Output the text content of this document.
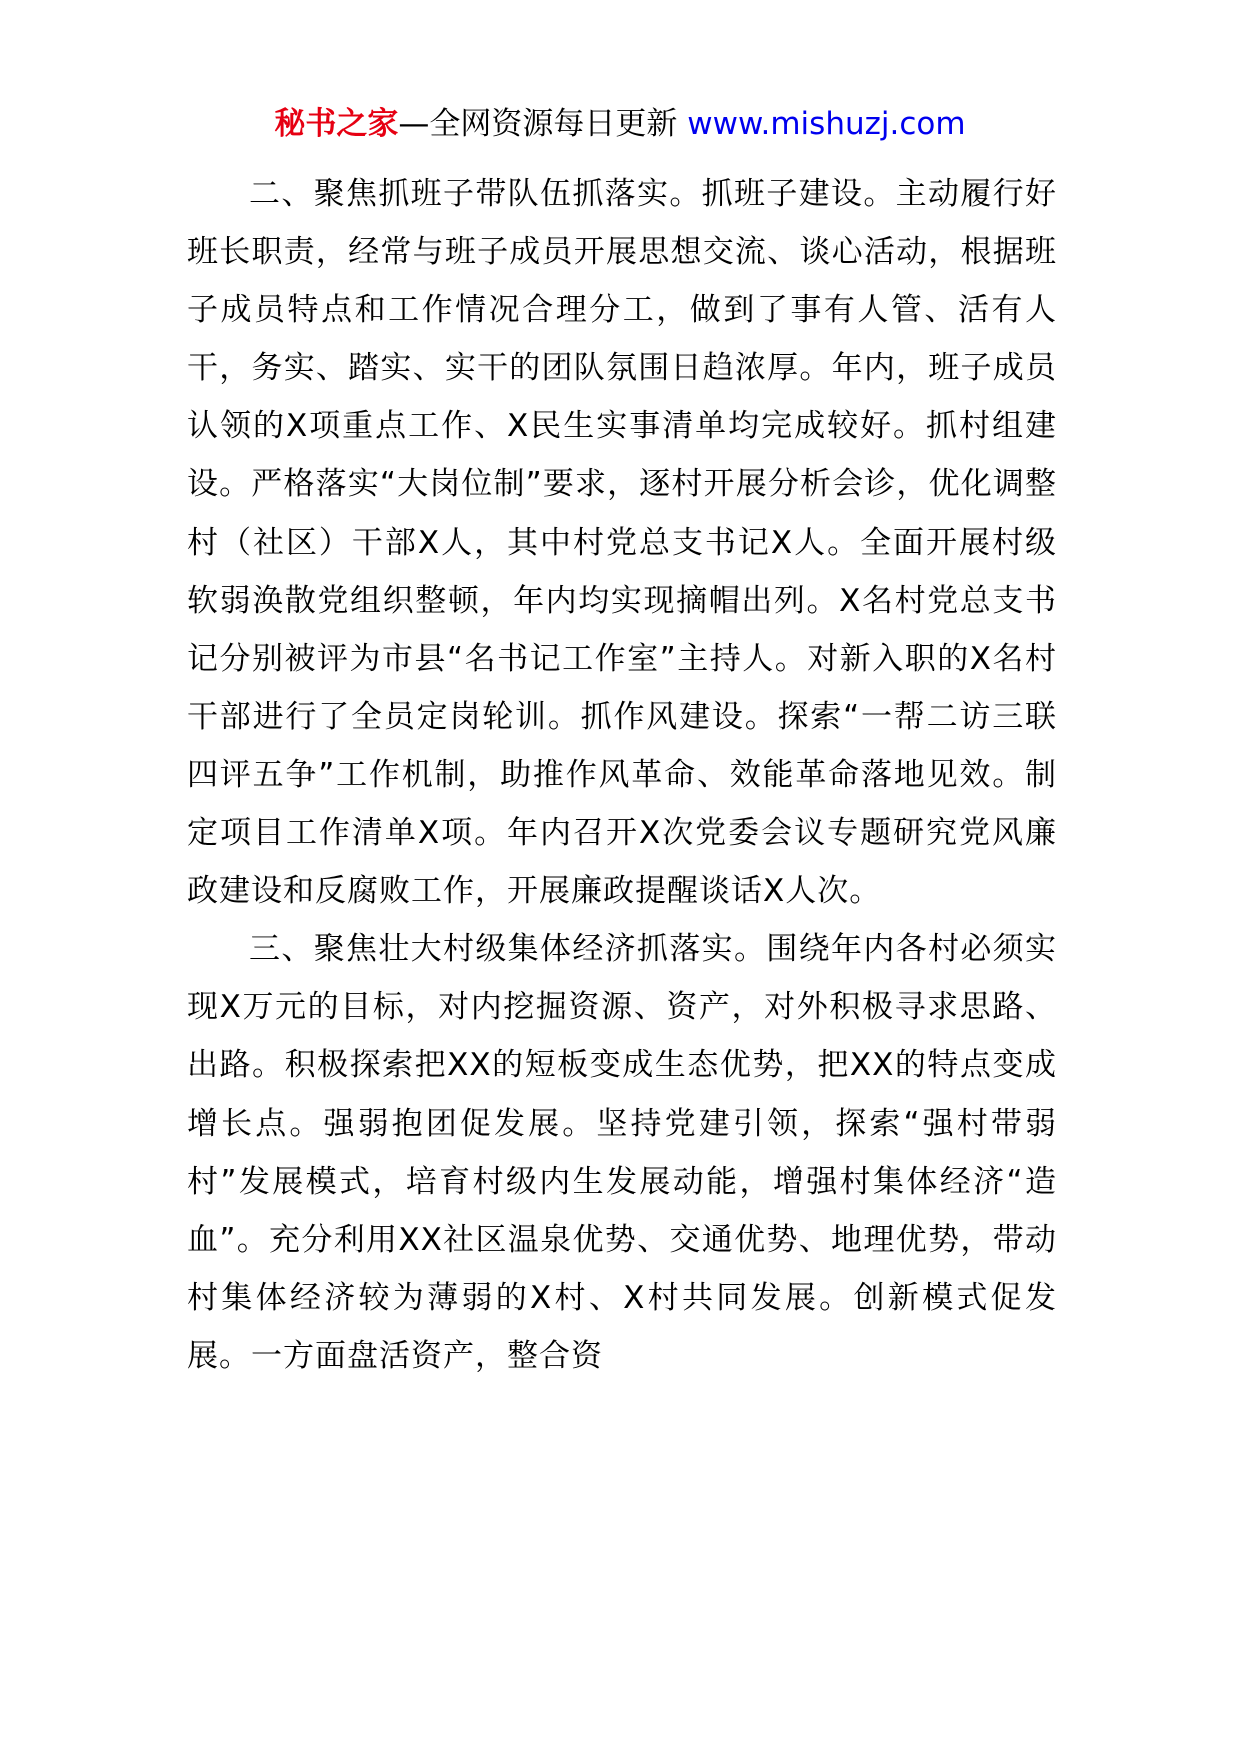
秘书之家—全网资源每日更新 www.mishuzj.com

二、聚焦抓班子带队伍抓落实。抓班子建设。主动履行好班长职责，经常与班子成员开展思想交流、谈心活动，根据班子成员特点和工作情况合理分工，做到了事有人管、活有人干，务实、踏实、实干的团队氛围日趋浓厚。年内，班子成员认领的X项重点工作、X民生实事清单均完成较好。抓村组建设。严格落实“大岗位制”要求，逐村开展分析会诊，优化调整村（社区）干部X人，其中村党总支书记X人。全面开展村级软弱涣散党组织整顿，年内均实现摘帽出列。X名村党总支书记分别被评为市县“名书记工作室”主持人。对新入职的X名村干部进行了全员定岗轮训。抓作风建设。探索“一帮二访三联四评五争”工作机制，助推作风革命、效能革命落地见效。制定项目工作清单X项。年内召开X次党委会议专题研究党风廉政建设和反腐败工作，开展廉政提醒谈话X人次。

三、聚焦壮大村级集体经济抓落实。围绕年内各村必须实现X万元的目标，对内挖掘资源、资产，对外积极寻求思路、出路。积极探索把XX的短板变成生态优势，把XX的特点变成增长点。强弱抱团促发展。坚持党建引领，探索“强村带弱村”发展模式，培育村级内生发展动能，增强村集体经济“造血”。充分利用XX社区温泉优势、交通优势、地理优势，带动村集体经济较为薄弱的X村、X村共同发展。创新模式促发展。一方面盘活资产，整合资
